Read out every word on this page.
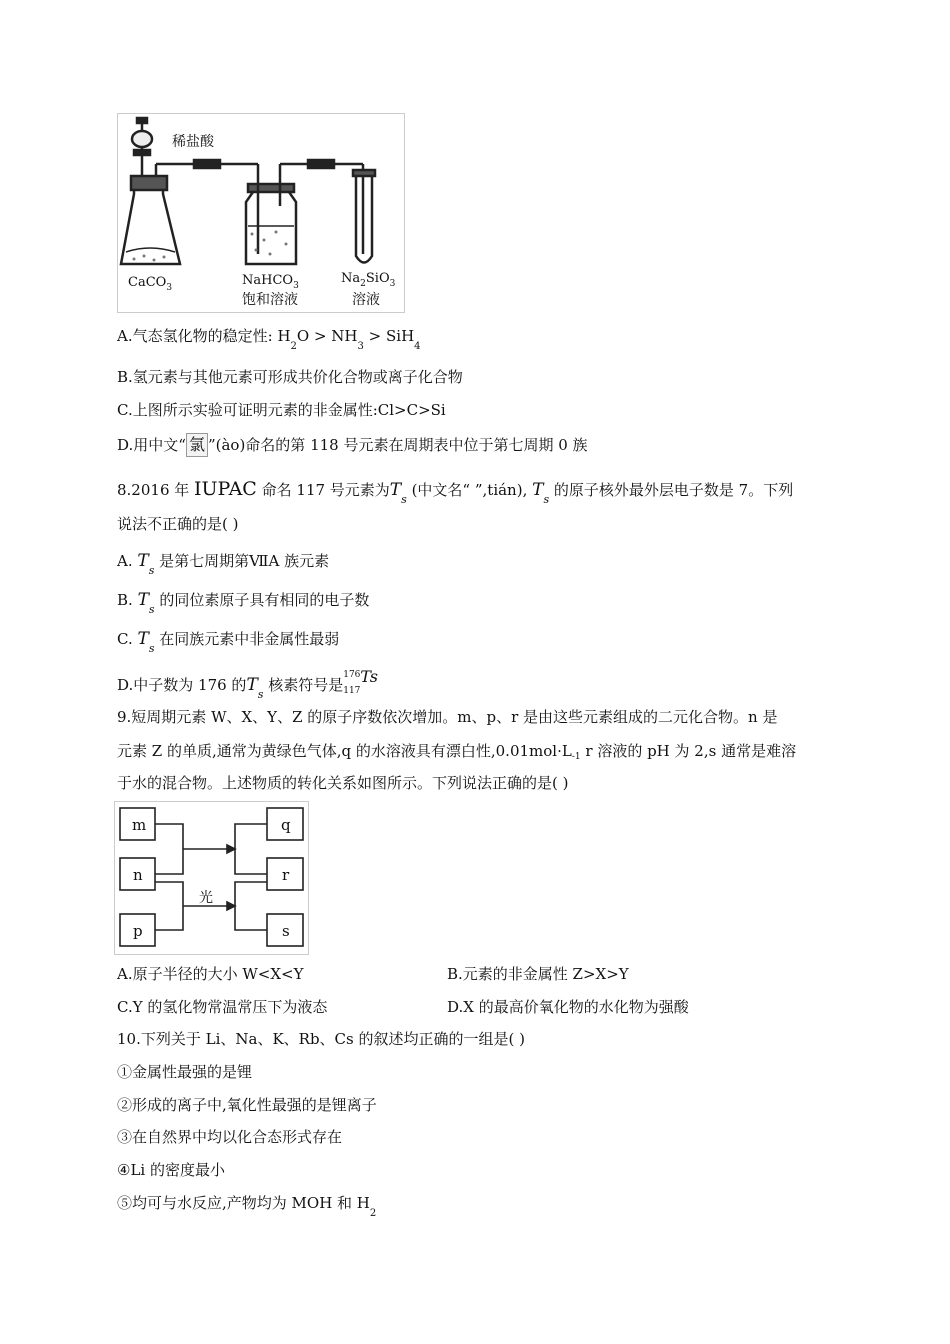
稀盐酸
CaCO$_3$	NaHCO$_3$
饱和溶液
$Na_2SiO_3$
溶液
A.气态氢化物的稳定性: $H_2O > NH_3 > SiH_4$
B.氢元素与其他元素可形成共价化合物或离子化合物
C.上图所示实验可证明元素的非金属性:Cl>C>Si
D.用中文“ 氯 ”(ào)命名的第 118 号元素在周期表中位于第七周期 0 族
8.2016 年 IUPAC 命名 117 号元素为$T_s$ (中文名“ ”,tián), $T_s$ 的原子核外最外层电子数是 7。下列
说法不正确的是( )
A. $T_s$ 是第七周期第ⅦA 族元素
B. $T_s$ 的同位素原子具有相同的电子数
C. $T_s$ 在同族元素中非金属性最弱
D.中子数为 176 的$T_s$ 核素符号是
176
117
Ts
9.短周期元素 W、X、Y、Z 的原子序数依次增加。m、p、r 是由这些元素组成的二元化合物。n 是
元素 Z 的单质,通常为黄绿色气体,q 的水溶液具有漂白性$,0.01mol\cdot L_{-1}$ r 溶液的 pH 为 2,s 通常是难溶
于水的混合物。上述物质的转化关系如图所示。下列说法正确的是( )
m
n
p
q
r
s
光
A.原子半径的大小 W<X<Y	B.元素的非金属性 Z>X>Y
C.Y 的氢化物常温常压下为液态	D.X 的最高价氧化物的水化物为强酸
10.下列关于 Li、Na、K、Rb、Cs 的叙述均正确的一组是( )
①金属性最强的是锂
②形成的离子中,氧化性最强的是锂离子
③在自然界中均以化合态形式存在
④Li 的密度最小
⑤均可与水反应,产物均为 MOH 和 $H_2$
